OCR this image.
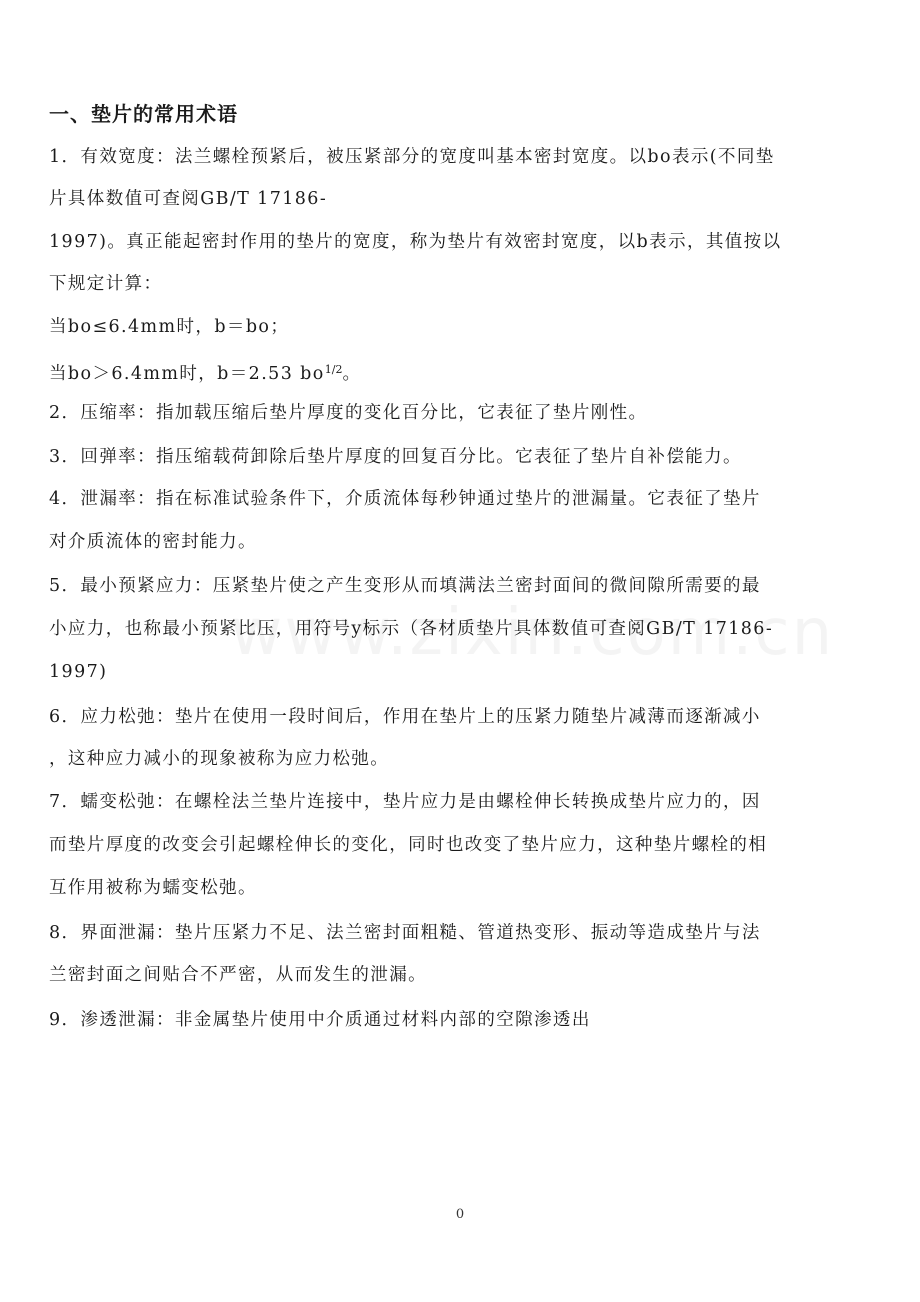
一、垫片的常用术语
1．有效宽度：法兰螺栓预紧后，被压紧部分的宽度叫基本密封宽度。以bo表示(不同垫
片具体数值可查阅GB/T 17186-
1997)。真正能起密封作用的垫片的宽度，称为垫片有效密封宽度，以b表示，其值按以
下规定计算：
当bo≤6.4mm时，b＝bo；
当bo＞6.4mm时，b＝2.53 $bo^{1/2}$。
2．压缩率：指加载压缩后垫片厚度的变化百分比，它表征了垫片刚性。
3．回弹率：指压缩载荷卸除后垫片厚度的回复百分比。它表征了垫片自补偿能力。
4．泄漏率：指在标准试验条件下，介质流体每秒钟通过垫片的泄漏量。它表征了垫片
对介质流体的密封能力。
5．最小预紧应力：压紧垫片使之产生变形从而填满法兰密封面间的微间隙所需要的最
小应力，也称最小预紧比压，用符号y标示（各材质垫片具体数值可查阅GB/T 17186-
1997)
6．应力松弛：垫片在使用一段时间后，作用在垫片上的压紧力随垫片减薄而逐渐减小
，这种应力减小的现象被称为应力松弛。
7．蠕变松弛：在螺栓法兰垫片连接中，垫片应力是由螺栓伸长转换成垫片应力的，因
而垫片厚度的改变会引起螺栓伸长的变化，同时也改变了垫片应力，这种垫片螺栓的相
互作用被称为蠕变松弛。
8．界面泄漏：垫片压紧力不足、法兰密封面粗糙、管道热变形、振动等造成垫片与法
兰密封面之间贴合不严密，从而发生的泄漏。
9．渗透泄漏：非金属垫片使用中介质通过材料内部的空隙渗透出
0
